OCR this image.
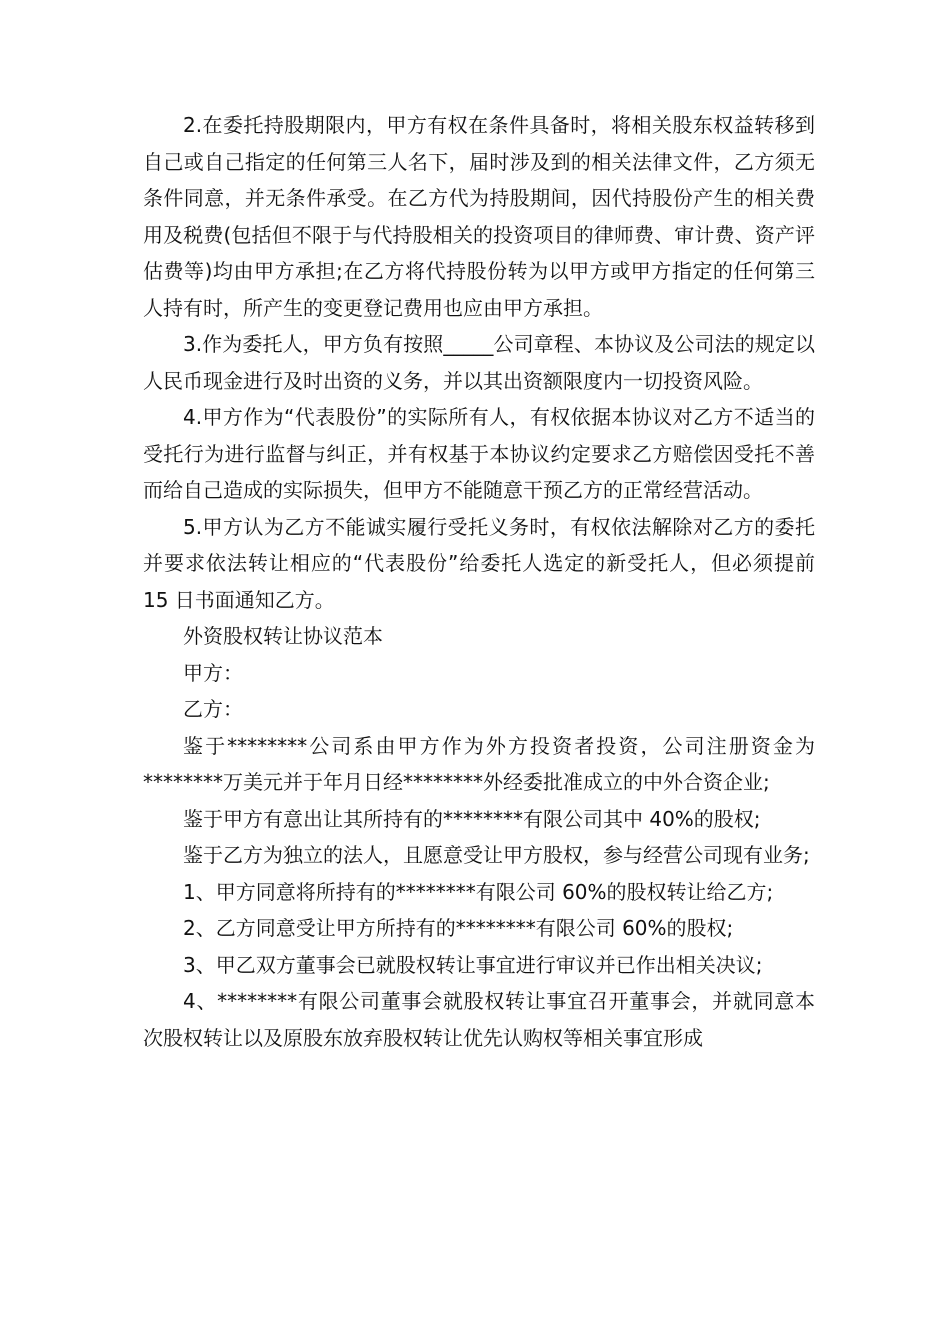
2.在委托持股期限内，甲方有权在条件具备时，将相关股东权益转移到自己或自己指定的任何第三人名下，届时涉及到的相关法律文件，乙方须无条件同意，并无条件承受。在乙方代为持股期间，因代持股份产生的相关费用及税费(包括但不限于与代持股相关的投资项目的律师费、审计费、资产评估费等)均由甲方承担;在乙方将代持股份转为以甲方或甲方指定的任何第三人持有时，所产生的变更登记费用也应由甲方承担。

3.作为委托人，甲方负有按照_____公司章程、本协议及公司法的规定以人民币现金进行及时出资的义务，并以其出资额限度内一切投资风险。

4.甲方作为“代表股份”的实际所有人，有权依据本协议对乙方不适当的受托行为进行监督与纠正，并有权基于本协议约定要求乙方赔偿因受托不善而给自己造成的实际损失，但甲方不能随意干预乙方的正常经营活动。

5.甲方认为乙方不能诚实履行受托义务时，有权依法解除对乙方的委托并要求依法转让相应的“代表股份”给委托人选定的新受托人，但必须提前 15 日书面通知乙方。

外资股权转让协议范本

甲方：

乙方：

鉴于********公司系由甲方作为外方投资者投资，公司注册资金为********万美元并于年月日经********外经委批准成立的中外合资企业;

鉴于甲方有意出让其所持有的********有限公司其中 40%的股权;

鉴于乙方为独立的法人，且愿意受让甲方股权，参与经营公司现有业务;

1、甲方同意将所持有的********有限公司 60%的股权转让给乙方;

2、乙方同意受让甲方所持有的********有限公司 60%的股权;

3、甲乙双方董事会已就股权转让事宜进行审议并已作出相关决议;

4、********有限公司董事会就股权转让事宜召开董事会，并就同意本次股权转让以及原股东放弃股权转让优先认购权等相关事宜形成
